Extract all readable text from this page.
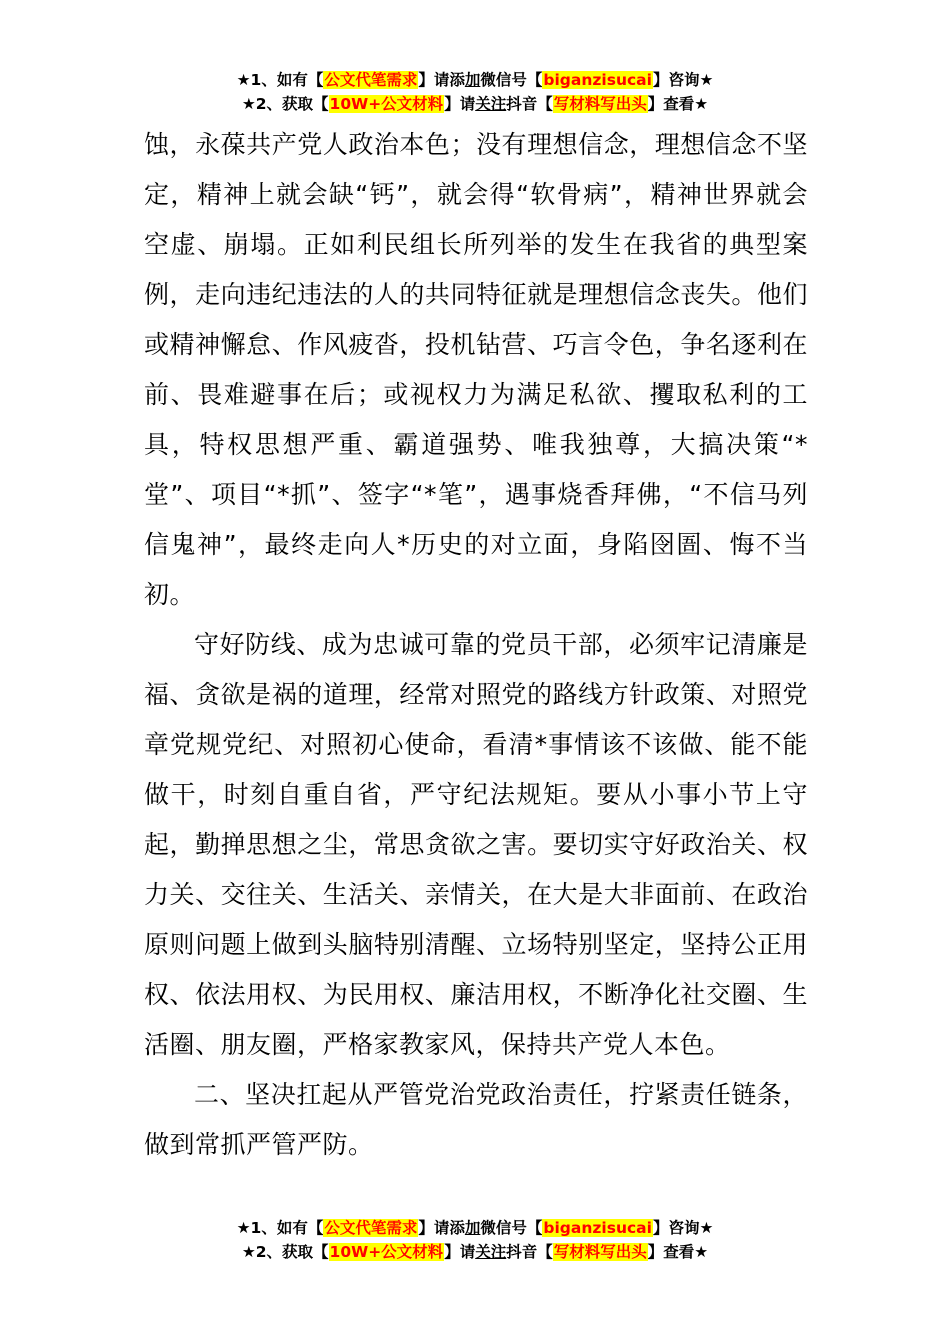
★1、如有【公文代笔需求】请添加微信号【biganzisucai】咨询★
★2、获取【10W+公文材料】请关注抖音【写材料写出头】查看★

蚀，永葆共产党人政治本色；没有理想信念，理想信念不坚定，精神上就会缺“钙”，就会得“软骨病”，精神世界就会空虚、崩塌。正如利民组长所列举的发生在我省的典型案例，走向违纪违法的人的共同特征就是理想信念丧失。他们或精神懈怠、作风疲沓，投机钻营、巧言令色，争名逐利在前、畏难避事在后；或视权力为满足私欲、攫取私利的工具，特权思想严重、霸道强势、唯我独尊，大搞决策“*堂”、项目“*抓”、签字“*笔”，遇事烧香拜佛，“不信马列信鬼神”，最终走向人*历史的对立面，身陷囹圄、悔不当初。

守好防线、成为忠诚可靠的党员干部，必须牢记清廉是福、贪欲是祸的道理，经常对照党的路线方针政策、对照党章党规党纪、对照初心使命，看清*事情该不该做、能不能做干，时刻自重自省，严守纪法规矩。要从小事小节上守起，勤掸思想之尘，常思贪欲之害。要切实守好政治关、权力关、交往关、生活关、亲情关，在大是大非面前、在政治原则问题上做到头脑特别清醒、立场特别坚定，坚持公正用权、依法用权、为民用权、廉洁用权，不断净化社交圈、生活圈、朋友圈，严格家教家风，保持共产党人本色。

二、坚决扛起从严管党治党政治责任，拧紧责任链条，做到常抓严管严防。

★1、如有【公文代笔需求】请添加微信号【biganzisucai】咨询★
★2、获取【10W+公文材料】请关注抖音【写材料写出头】查看★
